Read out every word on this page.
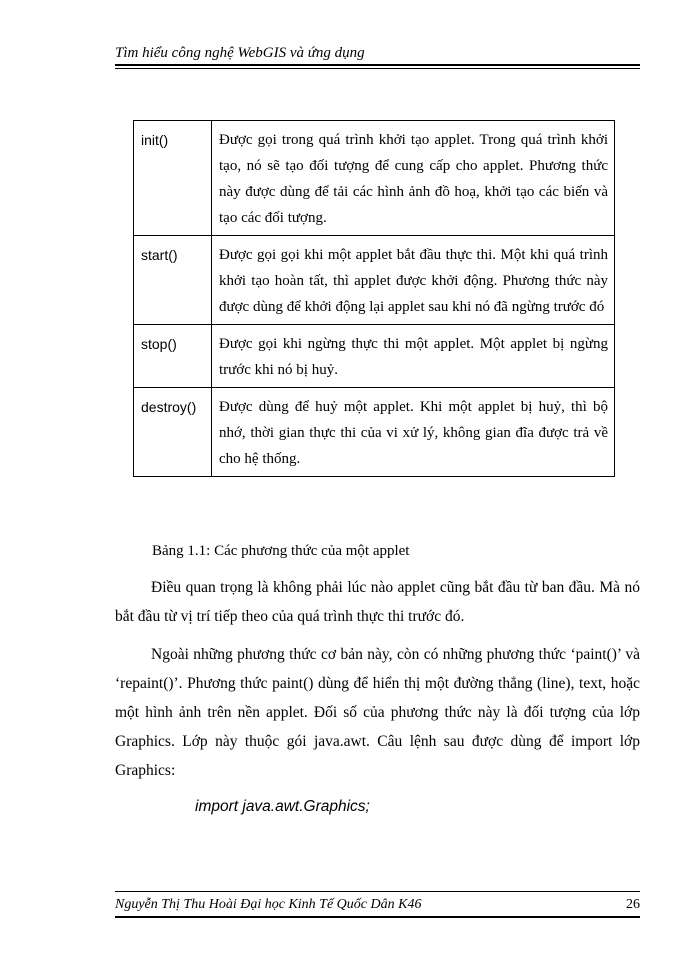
Tìm hiểu công nghệ WebGIS và ứng dụng
init()	Được gọi trong quá trình khởi tạo applet. Trong quá trình khởi tạo, nó sẽ tạo đối tượng để cung cấp cho applet. Phương thức này được dùng để tải các hình ảnh đồ hoạ, khởi tạo các biến và tạo các đối tượng.
start()	Được gọi gọi khi một applet bắt đầu thực thi. Một khi quá trình khởi tạo hoàn tất, thì applet được khởi động. Phương thức này được dùng để khởi động lại applet sau khi nó đã ngừng trước đó
stop()	Được gọi khi ngừng thực thi một applet. Một applet bị ngừng trước khi nó bị huỷ.
destroy()	Được dùng để huỷ một applet. Khi một applet bị huỷ, thì bộ nhớ, thời gian thực thi của vi xử lý, không gian đĩa được trả về cho hệ thống.
Bảng 1.1: Các phương thức của một applet

Điều quan trọng là không phải lúc nào applet cũng bắt đầu từ ban đầu. Mà nó bắt đầu từ vị trí tiếp theo của quá trình thực thi trước đó.

Ngoài những phương thức cơ bản này, còn có những phương thức ‘paint()’ và ‘repaint()’. Phương thức paint() dùng để hiển thị một đường thẳng (line), text, hoặc một hình ảnh trên nền applet. Đối số của phương thức này là đối tượng của lớp Graphics. Lớp này thuộc gói java.awt. Câu lệnh sau được dùng để import lớp Graphics:

import java.awt.Graphics;
Nguyễn Thị Thu Hoài Đại học Kinh Tế Quốc Dân K46	26
